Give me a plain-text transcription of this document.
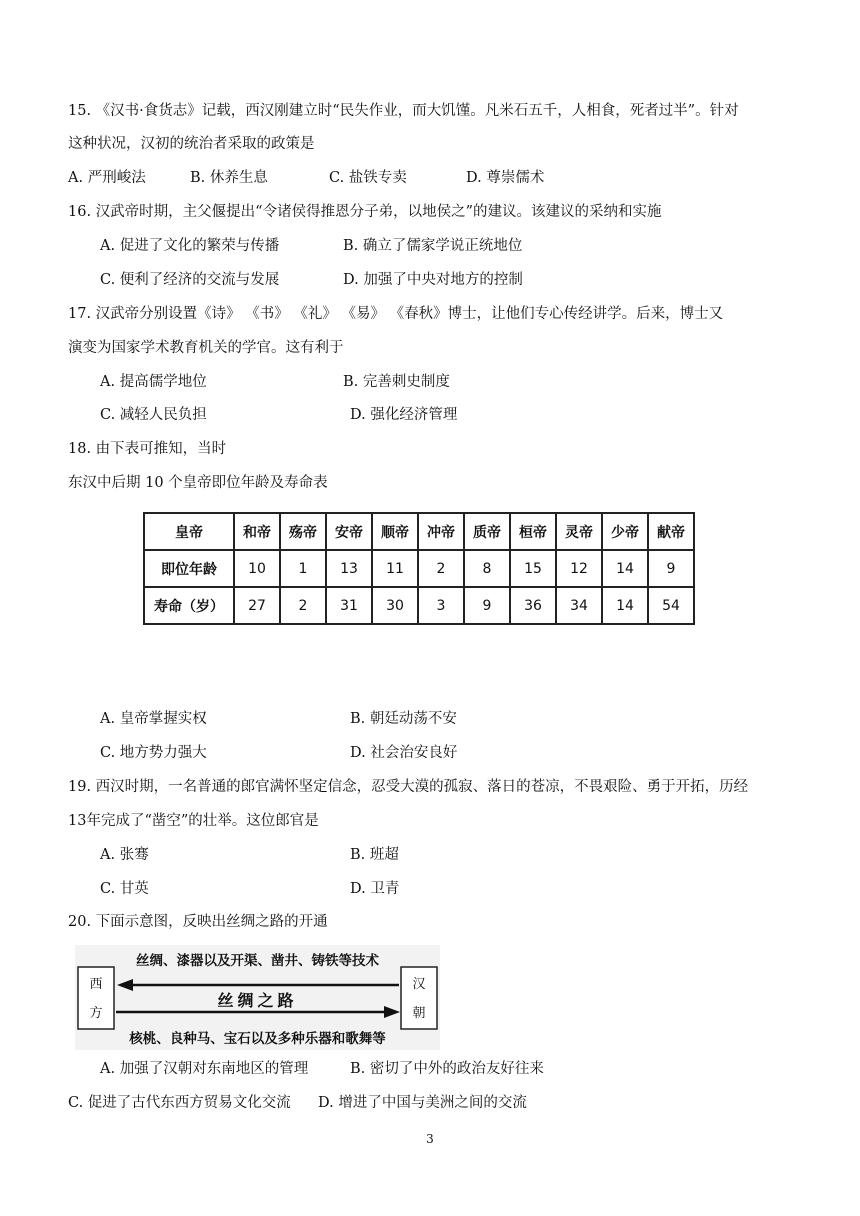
15. 《汉书·食货志》记载，西汉刚建立时“民失作业，而大饥馑。凡米石五千，人相食，死者过半”。针对
这种状况，汉初的统治者采取的政策是
A. 严刑峻法	B. 休养生息	C. 盐铁专卖	D. 尊崇儒术
16. 汉武帝时期，主父偃提出“令诸侯得推恩分子弟，以地侯之”的建议。该建议的采纳和实施
A. 促进了文化的繁荣与传播	B. 确立了儒家学说正统地位
C. 便利了经济的交流与发展	D. 加强了中央对地方的控制
17. 汉武帝分别设置《诗》 《书》 《礼》 《易》 《春秋》博士，让他们专心传经讲学。后来，博士又
演变为国家学术教育机关的学官。这有利于
A. 提高儒学地位	B. 完善刺史制度
C. 减轻人民负担	D. 强化经济管理
18. 由下表可推知，当时
东汉中后期 10 个皇帝即位年龄及寿命表
皇帝	和帝	殇帝	安帝	顺帝	冲帝	质帝	桓帝	灵帝	少帝	献帝
即位年龄	10	1	13	11	2	8	15	12	14	9
寿命（岁）	27	2	31	30	3	9	36	34	14	54
A. 皇帝掌握实权	B. 朝廷动荡不安
C. 地方势力强大	D. 社会治安良好
19. 西汉时期，一名普通的郎官满怀坚定信念，忍受大漠的孤寂、落日的苍凉，不畏艰险、勇于开拓，历经
13年完成了“凿空”的壮举。这位郎官是
A. 张骞	B. 班超
C. 甘英	D. 卫青
20. 下面示意图，反映出丝绸之路的开通
丝绸、漆器以及开渠、凿井、铸铁等技术
丝绸之路
核桃、良种马、宝石以及多种乐器和歌舞等
西
方
汉
朝
A. 加强了汉朝对东南地区的管理	B. 密切了中外的政治友好往来
C. 促进了古代东西方贸易文化交流 D. 增进了中国与美洲之间的交流
3
